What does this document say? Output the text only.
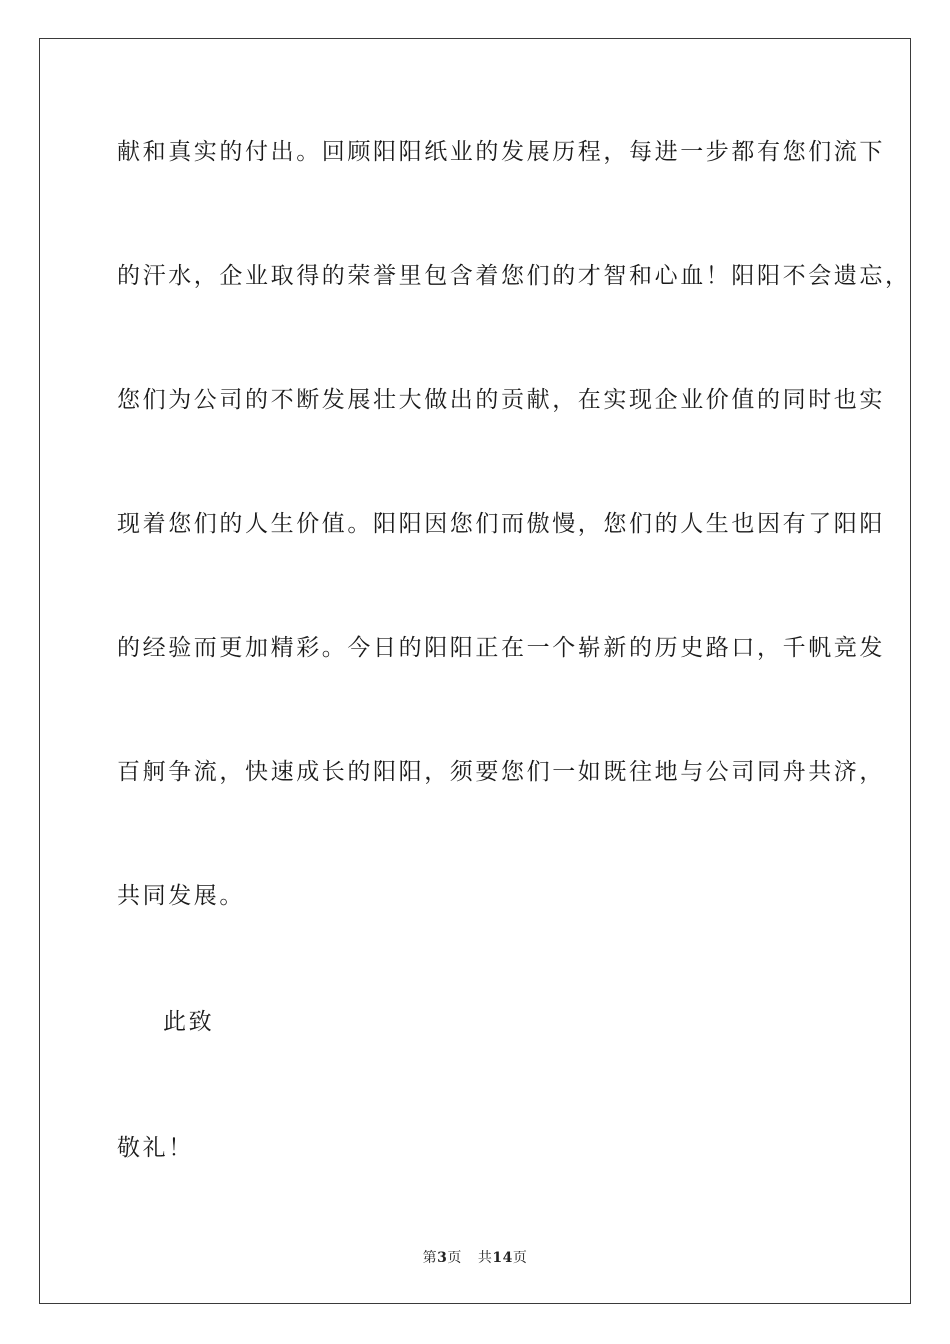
献和真实的付出。回顾阳阳纸业的发展历程，每进一步都有您们流下
的汗水，企业取得的荣誉里包含着您们的才智和心血！阳阳不会遗忘，
您们为公司的不断发展壮大做出的贡献，在实现企业价值的同时也实
现着您们的人生价值。阳阳因您们而傲慢，您们的人生也因有了阳阳
的经验而更加精彩。今日的阳阳正在一个崭新的历史路口，千帆竞发
百舸争流，快速成长的阳阳，须要您们一如既往地与公司同舟共济，
共同发展。
此致
敬礼！
第3页 共14页
